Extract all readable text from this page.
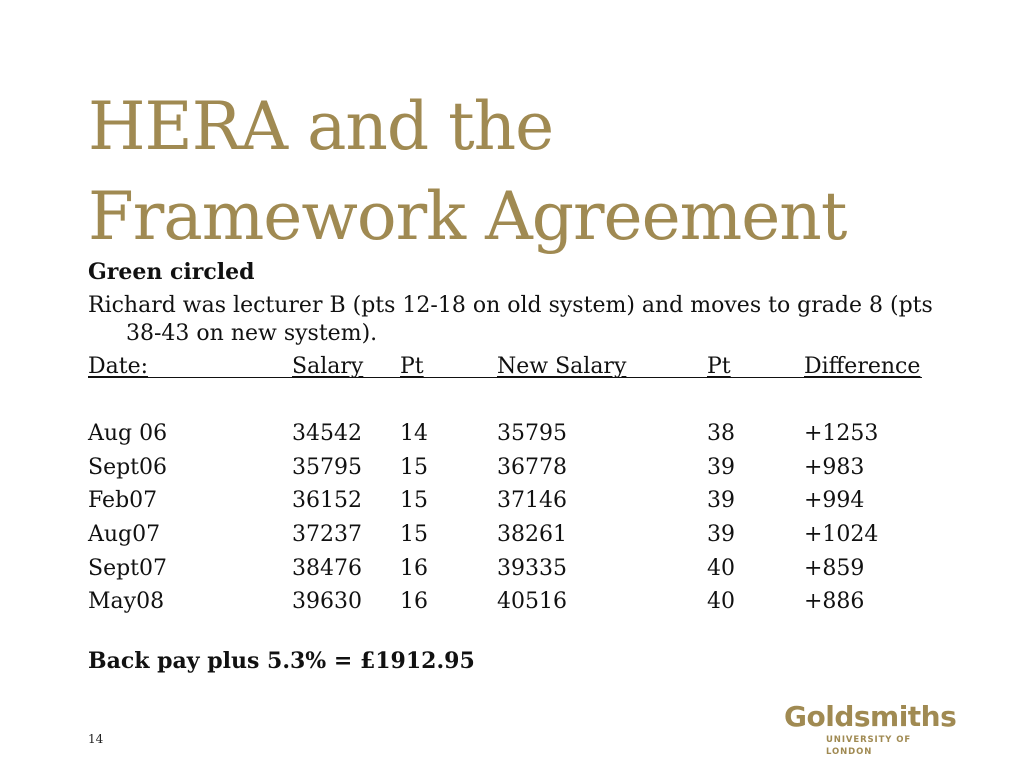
HERA and the
Framework Agreement
Green circled
Richard was lecturer B (pts 12-18 on old system) and moves to grade 8 (pts 38-43 on new system).
Date:	Salary Pt	New Salary	Pt	Difference
Aug 06	34542 14	35795	38	+1253
Sept06	35795 15	36778	39	+983
Feb07	36152 15	37146	39	+994
Aug07	37237 15	38261	39	+1024
Sept07	38476 16	39335	40	+859
May08	39630 16	40516	40	+886
Back pay plus 5.3% = £1912.95
14
Goldsmiths
UNIVERSITY OF LONDON
